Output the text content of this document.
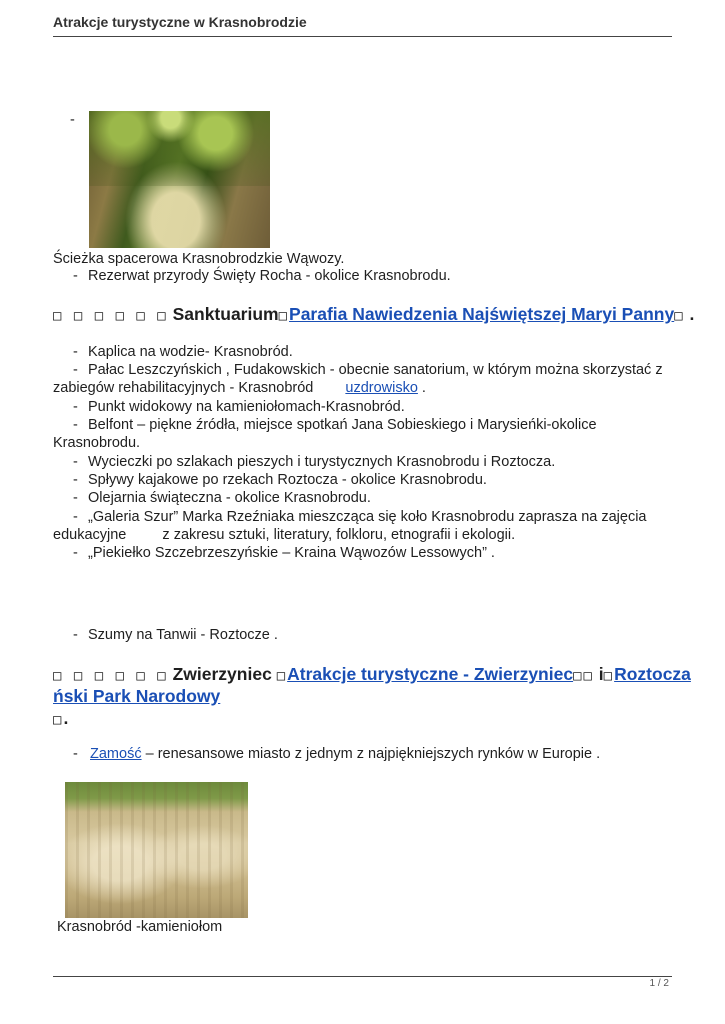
Atrakcje turystyczne w Krasnobrodzie
-
Ścieżka spacerowa Krasnobrodzkie Wąwozy.
- Rezerwat przyrody Święty Rocha - okolice Krasnobrodu.
□ □ □ □ □ □ Sanktuarium□Parafia Nawiedzenia Najświętszej Maryi Panny□ .
- Kaplica na wodzie- Krasnobród.
- Pałac Leszczyńskich , Fudakowskich - obecnie sanatorium, w którym można skorzystać z
zabiegów rehabilitacyjnych - Krasnobród uzdrowisko .
- Punkt widokowy na kamieniołomach-Krasnobród.
- Belfont – piękne źródła, miejsce spotkań Jana Sobieskiego i Marysieńki-okolice
Krasnobrodu.
- Wycieczki po szlakach pieszych i turystycznych Krasnobrodu i Roztocza.
- Spływy kajakowe po rzekach Roztocza - okolice Krasnobrodu.
- Olejarnia świąteczna - okolice Krasnobrodu.
- „Galeria Szur” Marka Rzeźniaka mieszcząca się koło Krasnobrodu zaprasza na zajęcia
edukacyjne  z zakresu sztuki, literatury, folkloru, etnografii i ekologii.
- „Piekiełko Szczebrzeszyńskie – Kraina Wąwozów Lessowych” .
- Szumy na Tanwii - Roztocze .
□ □ □ □ □ □ Zwierzyniec □Atrakcje turystyczne - Zwierzyniec□□ i□Roztocza
ński Park Narodowy
□.
- Zamość – renesansowe miasto z jednym z najpiękniejszych rynków w Europie .
Krasnobród -kamieniołom
1 / 2
